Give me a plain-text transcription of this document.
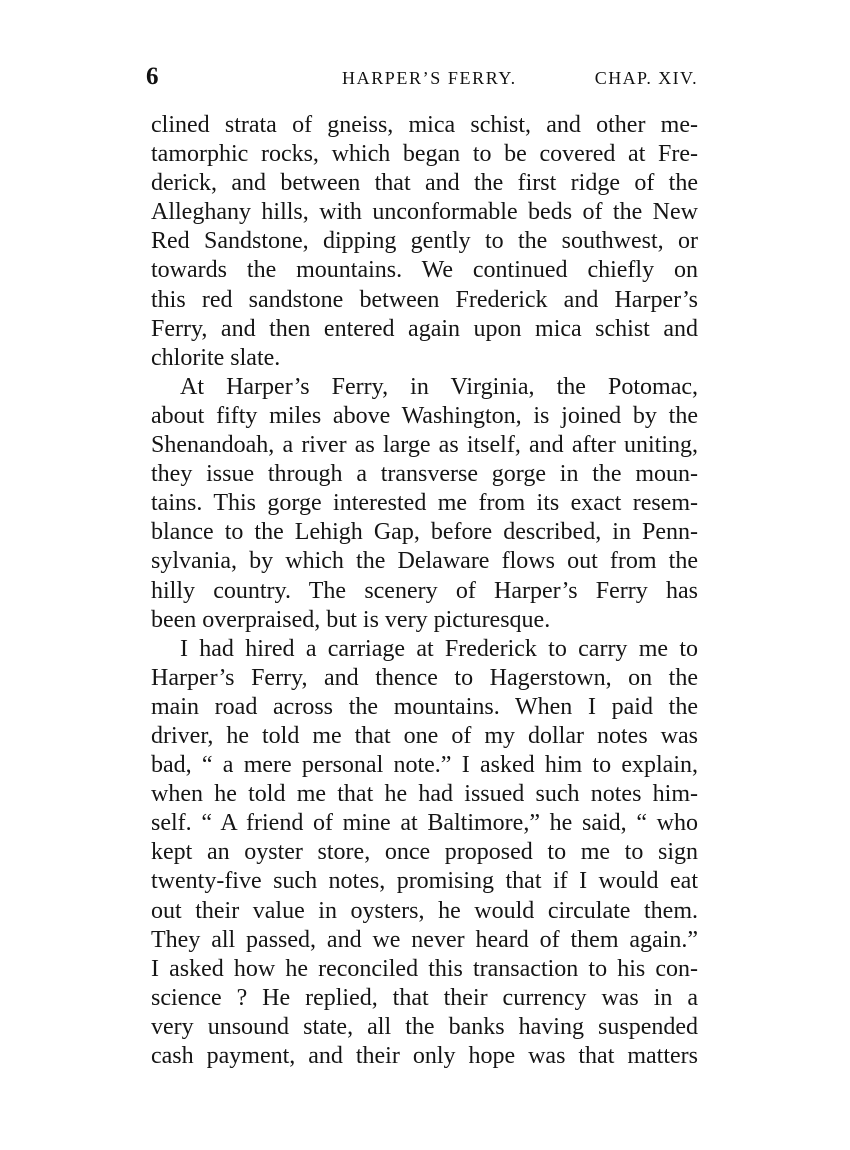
6	HARPER’S FERRY.	CHAP. XIV.
clined strata of gneiss, mica schist, and other me-
tamorphic rocks, which began to be covered at Fre-
derick, and between that and the first ridge of the
Alleghany hills, with unconformable beds of the New
Red Sandstone, dipping gently to the southwest, or
towards the mountains. We continued chiefly on
this red sandstone between Frederick and Harper’s
Ferry, and then entered again upon mica schist and
chlorite slate.
At Harper’s Ferry, in Virginia, the Potomac,
about fifty miles above Washington, is joined by the
Shenandoah, a river as large as itself, and after uniting,
they issue through a transverse gorge in the moun-
tains. This gorge interested me from its exact resem-
blance to the Lehigh Gap, before described, in Penn-
sylvania, by which the Delaware flows out from the
hilly country. The scenery of Harper’s Ferry has
been overpraised, but is very picturesque.
I had hired a carriage at Frederick to carry me to
Harper’s Ferry, and thence to Hagerstown, on the
main road across the mountains. When I paid the
driver, he told me that one of my dollar notes was
bad, “ a mere personal note.” I asked him to explain,
when he told me that he had issued such notes him-
self. “ A friend of mine at Baltimore,” he said, “ who
kept an oyster store, once proposed to me to sign
twenty-five such notes, promising that if I would eat
out their value in oysters, he would circulate them.
They all passed, and we never heard of them again.”
I asked how he reconciled this transaction to his con-
science ? He replied, that their currency was in a
very unsound state, all the banks having suspended
cash payment, and their only hope was that matters
